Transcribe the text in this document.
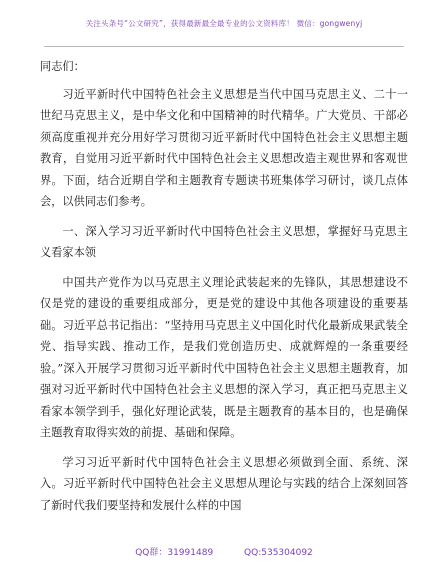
关注头条号“公文研究”，获得最新最全最专业的公文资料库！ 微信：gongwenyj

同志们：

习近平新时代中国特色社会主义思想是当代中国马克思主义、二十一世纪马克思主义，是中华文化和中国精神的时代精华。广大党员、干部必须高度重视并充分用好学习贯彻习近平新时代中国特色社会主义思想主题教育，自觉用习近平新时代中国特色社会主义思想改造主观世界和客观世界。下面，结合近期自学和主题教育专题读书班集体学习研讨，谈几点体会，以供同志们参考。

一、深入学习习近平新时代中国特色社会主义思想，掌握好马克思主义看家本领

中国共产党作为以马克思主义理论武装起来的先锋队，其思想建设不仅是党的建设的重要组成部分，更是党的建设中其他各项建设的重要基础。习近平总书记指出：“坚持用马克思主义中国化时代化最新成果武装全党、指导实践、推动工作，是我们党创造历史、成就辉煌的一条重要经验。”深入开展学习贯彻习近平新时代中国特色社会主义思想主题教育，加强对习近平新时代中国特色社会主义思想的深入学习，真正把马克思主义看家本领学到手，强化好理论武装，既是主题教育的基本目的，也是确保主题教育取得实效的前提、基础和保障。

学习习近平新时代中国特色社会主义思想必须做到全面、系统、深入。习近平新时代中国特色社会主义思想从理论与实践的结合上深刻回答了新时代我们要坚持和发展什么样的中国

QQ群：31991489	QQ:535304092
